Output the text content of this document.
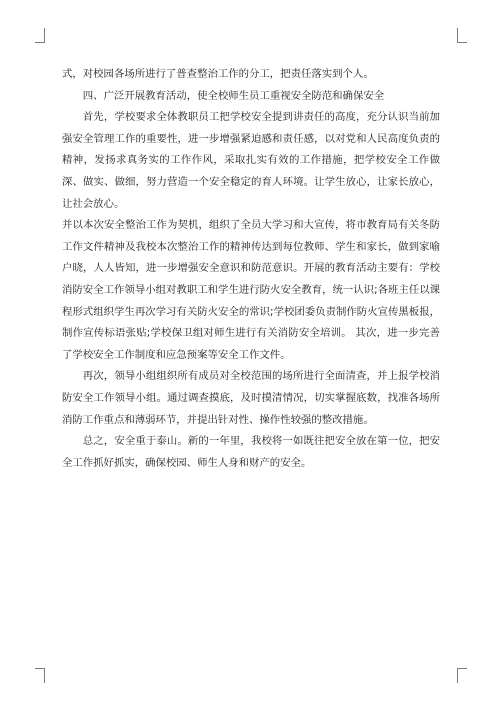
式，对校园各场所进行了普查整治工作的分工，把责任落实到个人。

四、广泛开展教育活动，使全校师生员工重视安全防范和确保安全

首先，学校要求全体教职员工把学校安全提到讲责任的高度，充分认识当前加强安全管理工作的重要性，进一步增强紧迫感和责任感，以对党和人民高度负责的精神，发扬求真务实的工作作风，采取扎实有效的工作措施，把学校安全工作做深、做实、做细，努力营造一个安全稳定的育人环境。让学生放心，让家长放心，让社会放心。

并以本次安全整治工作为契机，组织了全员大学习和大宣传，将市教育局有关冬防工作文件精神及我校本次整治工作的精神传达到每位教师、学生和家长，做到家喻户晓，人人皆知，进一步增强安全意识和防范意识。开展的教育活动主要有：学校消防安全工作领导小组对教职工和学生进行防火安全教育，统一认识;各班主任以课程形式组织学生再次学习有关防火安全的常识;学校团委负责制作防火宣传黑板报，制作宣传标语张贴;学校保卫组对师生进行有关消防安全培训。 其次，进一步完善了学校安全工作制度和应急预案等安全工作文件。

再次，领导小组组织所有成员对全校范围的场所进行全面清查，并上报学校消防安全工作领导小组。通过调查摸底，及时摸清情况，切实掌握底数，找准各场所消防工作重点和薄弱环节，并提出针对性、操作性较强的整改措施。

总之，安全重于泰山。新的一年里，我校将一如既往把安全放在第一位，把安全工作抓好抓实，确保校园、师生人身和财产的安全。
